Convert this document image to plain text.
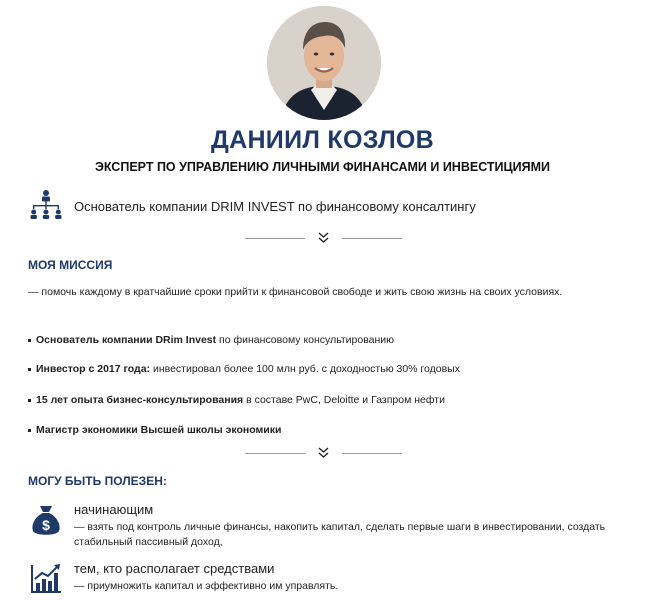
ДАНИИЛ КОЗЛОВ
ЭКСПЕРТ ПО УПРАВЛЕНИЮ ЛИЧНЫМИ ФИНАНСАМИ И ИНВЕСТИЦИЯМИ
Основатель компании DRIM INVEST по финансовому консалтингу
МОЯ МИССИЯ
— помочь каждому в кратчайшие сроки прийти к финансовой свободе и жить свою жизнь на своих условиях.
Основатель компании DRim Invest по финансовому консультированию
Инвестор с 2017 года: инвестировал более 100 млн руб. с доходностью 30% годовых
15 лет опыта бизнес-консультирования в составе PwC, Deloitte и Газпром нефти
Магистр экономики Высшей школы экономики
МОГУ БЫТЬ ПОЛЕЗЕН:
$
начинающим
— взять под контроль личные финансы, накопить капитал, сделать первые шаги в инвестировании, создать стабильный пассивный доход,
тем, кто располагает средствами
— приумножить капитал и эффективно им управлять.
